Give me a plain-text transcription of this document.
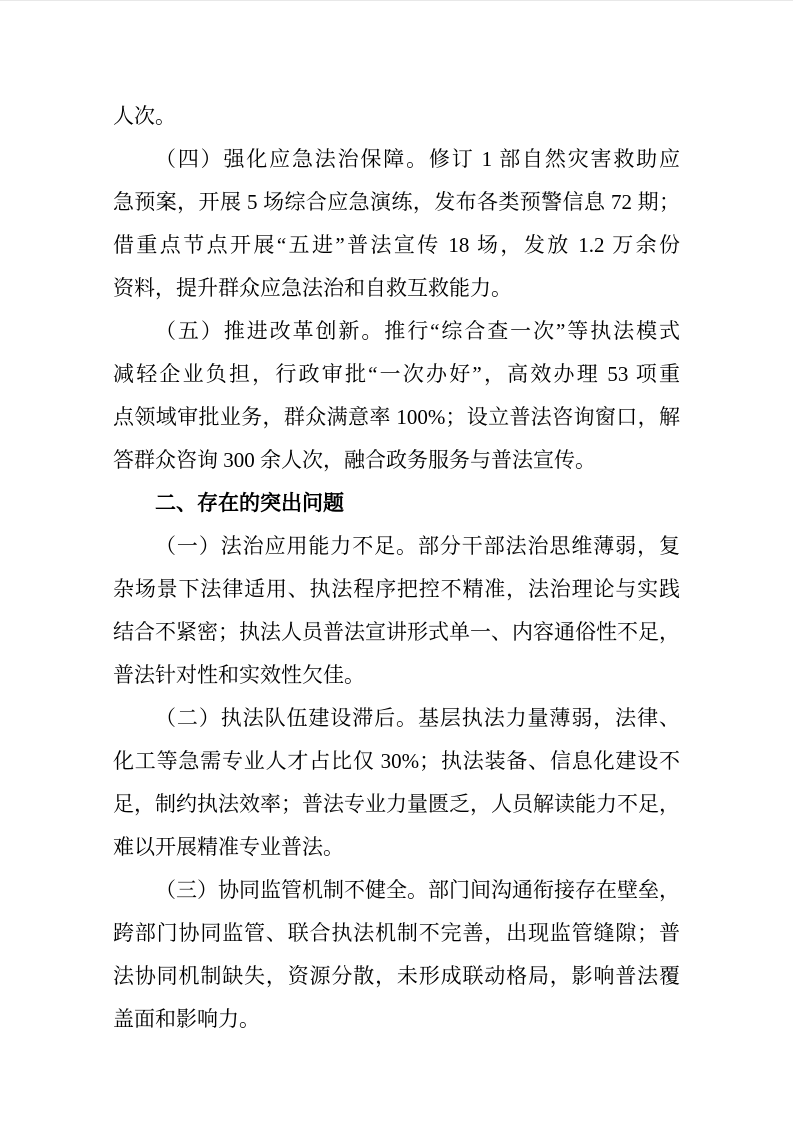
人次。
（四）强化应急法治保障。修订 1 部自然灾害救助应
急预案，开展 5 场综合应急演练，发布各类预警信息 72 期；
借重点节点开展“五进”普法宣传 18 场，发放 1.2 万余份
资料，提升群众应急法治和自救互救能力。
（五）推进改革创新。推行“综合查一次”等执法模式
减轻企业负担，行政审批“一次办好”，高效办理 53 项重
点领域审批业务，群众满意率 100%；设立普法咨询窗口，解
答群众咨询 300 余人次，融合政务服务与普法宣传。
二、存在的突出问题
（一）法治应用能力不足。部分干部法治思维薄弱，复
杂场景下法律适用、执法程序把控不精准，法治理论与实践
结合不紧密；执法人员普法宣讲形式单一、内容通俗性不足，
普法针对性和实效性欠佳。
（二）执法队伍建设滞后。基层执法力量薄弱，法律、
化工等急需专业人才占比仅 30%；执法装备、信息化建设不
足，制约执法效率；普法专业力量匮乏，人员解读能力不足，
难以开展精准专业普法。
（三）协同监管机制不健全。部门间沟通衔接存在壁垒，
跨部门协同监管、联合执法机制不完善，出现监管缝隙；普
法协同机制缺失，资源分散，未形成联动格局，影响普法覆
盖面和影响力。
